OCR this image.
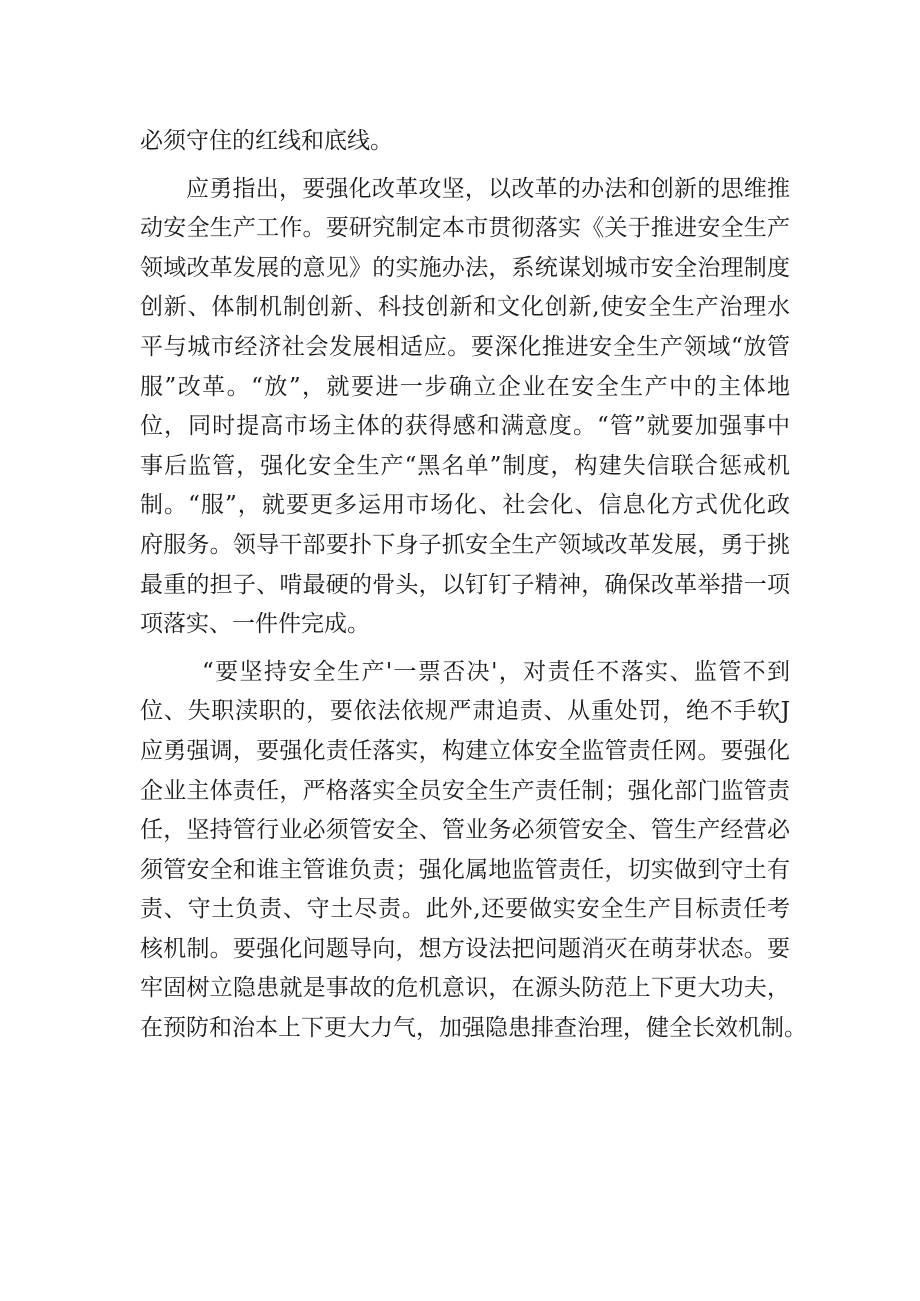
必须守住的红线和底线。
应勇指出，要强化改革攻坚，以改革的办法和创新的思维推
动安全生产工作。要研究制定本市贯彻落实《关于推进安全生产
领域改革发展的意见》的实施办法，系统谋划城市安全治理制度
创新、体制机制创新、科技创新和文化创新,使安全生产治理水
平与城市经济社会发展相适应。要深化推进安全生产领域“放管
服”改革。“放”，就要进一步确立企业在安全生产中的主体地
位，同时提高市场主体的获得感和满意度。“管”就要加强事中
事后监管，强化安全生产“黑名单”制度，构建失信联合惩戒机
制。“服”，就要更多运用市场化、社会化、信息化方式优化政
府服务。领导干部要扑下身子抓安全生产领域改革发展，勇于挑
最重的担子、啃最硬的骨头，以钉钉子精神，确保改革举措一项
项落实、一件件完成。
“要坚持安全生产'一票否决'，对责任不落实、监管不到
位、失职渎职的，要依法依规严肃追责、从重处罚，绝不手软J
应勇强调，要强化责任落实，构建立体安全监管责任网。要强化
企业主体责任，严格落实全员安全生产责任制；强化部门监管责
任，坚持管行业必须管安全、管业务必须管安全、管生产经营必
须管安全和谁主管谁负责；强化属地监管责任，切实做到守土有
责、守土负责、守土尽责。此外,还要做实安全生产目标责任考
核机制。要强化问题导向，想方设法把问题消灭在萌芽状态。要
牢固树立隐患就是事故的危机意识，在源头防范上下更大功夫，
在预防和治本上下更大力气，加强隐患排查治理，健全长效机制。
